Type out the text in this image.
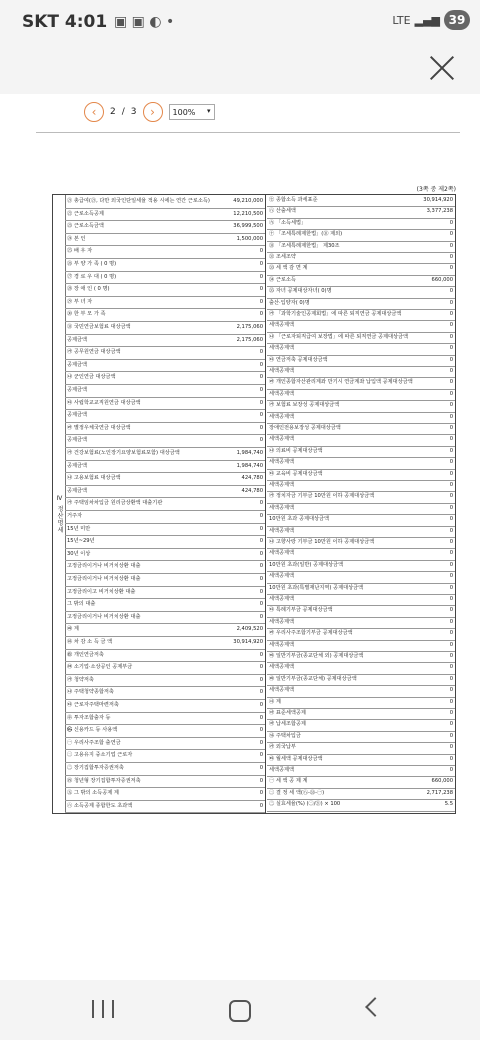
SKT 4:01 ▣ ▣ ◐ •	LTE ▂▄▆ 39
‹	2 / 3	›	100% ▾
(3쪽 중 제2쪽)
Ⅳ 정산명세
㉑ 총급여(㉑, 다만 외국인단일세율 적용 시에는 연간 근로소득)	49,210,000
㉒ 근로소득공제	12,210,500
㉓ 근로소득금액	36,999,500
㉔ 본 인	1,500,000
㉕ 배 우 자	0
㉖ 부 양 가 족 ( 0 명)	0
㉗ 경 로 우 대 ( 0 명)	0
㉘ 장 애 인 ( 0 명)	0
㉙ 부 녀 자	0
㉚ 한 부 모 가 족	0
㉛ 국민연금보험료 대상금액	2,175,060
공제금액	2,175,060
㉮ 공무원연금 대상금액	0
공제금액	0
㉯ 군인연금 대상금액	0
공제금액	0
㉰ 사립학교교직원연금 대상금액	0
공제금액	0
㉱ 별정우체국연금 대상금액	0
공제금액	0
㉮ 건강보험료(노인장기요양보험료포함) 대상금액	1,984,740
공제금액	1,984,740
㉯ 고용보험료 대상금액	424,780
공제금액	424,780
㉮ 주택임차차입금 원리금상환액 대출기관	0
거주자	0
15년 미만	0
15년~29년	0
30년 이상	0
고정금리이거나 비거치상환 대출	0
고정금리이거나 비거치상환 대출	0
고정금리이고 비거치상환 대출	0
그 밖의 대출	0
고정금리이거나 비거치상환 대출	0
㉺ 계	2,409,520
㉻ 차 감 소 득 금 액	30,914,920
㉼ 개인연금저축	0
㉽ 소기업·소상공인 공제부금	0
㉮ 청약저축	0
㉯ 주택청약종합저축	0
㉰ 근로자주택마련저축	0
㉾ 투자조합출자 등	0
㉿ 신용카드 등 사용액	0
㊀ 우리사주조합 출연금	0
㊁ 고용유지 중소기업 근로자	0
㊂ 장기집합투자증권저축	0
㊃ 청년형 장기집합투자증권저축	0
㊄ 그 밖의 소득공제 계	0
㊅ 소득공제 종합한도 초과액	0
㊆ 종합소득 과세표준	30,914,920
㊇ 산출세액	3,377,238
㊈ 「소득세법」	0
㊉ 「조세특례제한법」(㉛ 제외)	0
㉛ 「조세특례제한법」 제30조	0
㉜ 조세조약	0
㉝ 세 액 감 면 계	0
㉞ 근로소득	660,000
㉟ 자녀 공제대상자녀( 0)명	0
출산·입양자( 0)명	0
㉮ 「과학기술인공제회법」에 따른 퇴직연금 공제대상금액	0
세액공제액	0
㉯ 「근로자퇴직급여 보장법」에 따른 퇴직연금 공제대상금액	0
세액공제액	0
㉰ 연금저축 공제대상금액	0
세액공제액	0
㉱ 개인종합자산관리계좌 만기시 연금계좌 납입액 공제대상금액	0
세액공제액	0
㉮ 보험료 보장성 공제대상금액	0
세액공제액	0
장애인전용보장성 공제대상금액	0
세액공제액	0
㉯ 의료비 공제대상금액	0
세액공제액	0
㉰ 교육비 공제대상금액	0
세액공제액	0
㉮ 정치자금 기부금 10만원 이하 공제대상금액	0
세액공제액	0
10만원 초과 공제대상금액	0
세액공제액	0
㉯ 고향사랑 기부금 10만원 이하 공제대상금액	0
세액공제액	0
10만원 초과(일반) 공제대상금액	0
세액공제액	0
10만원 초과(특별재난지역) 공제대상금액	0
세액공제액	0
㉰ 특례기부금 공제대상금액	0
세액공제액	0
㉱ 우리사주조합기부금 공제대상금액	0
세액공제액	0
㉲ 일반기부금(종교단체 외) 공제대상금액	0
세액공제액	0
㉳ 일반기부금(종교단체) 공제대상금액	0
세액공제액	0
㉴ 계	0
㉵ 표준세액공제	0
㉶ 납세조합공제	0
㉷ 주택차입금	0
㉸ 외국납부	0
㉹ 월세액 공제대상금액	0
세액공제액	0
㊀ 세 액 공 제 계	660,000
㊁ 결 정 세 액(㊇-㉝-㊀)	2,717,238
㊂ 실효세율(%) (㊁/㉑) × 100	5.5
